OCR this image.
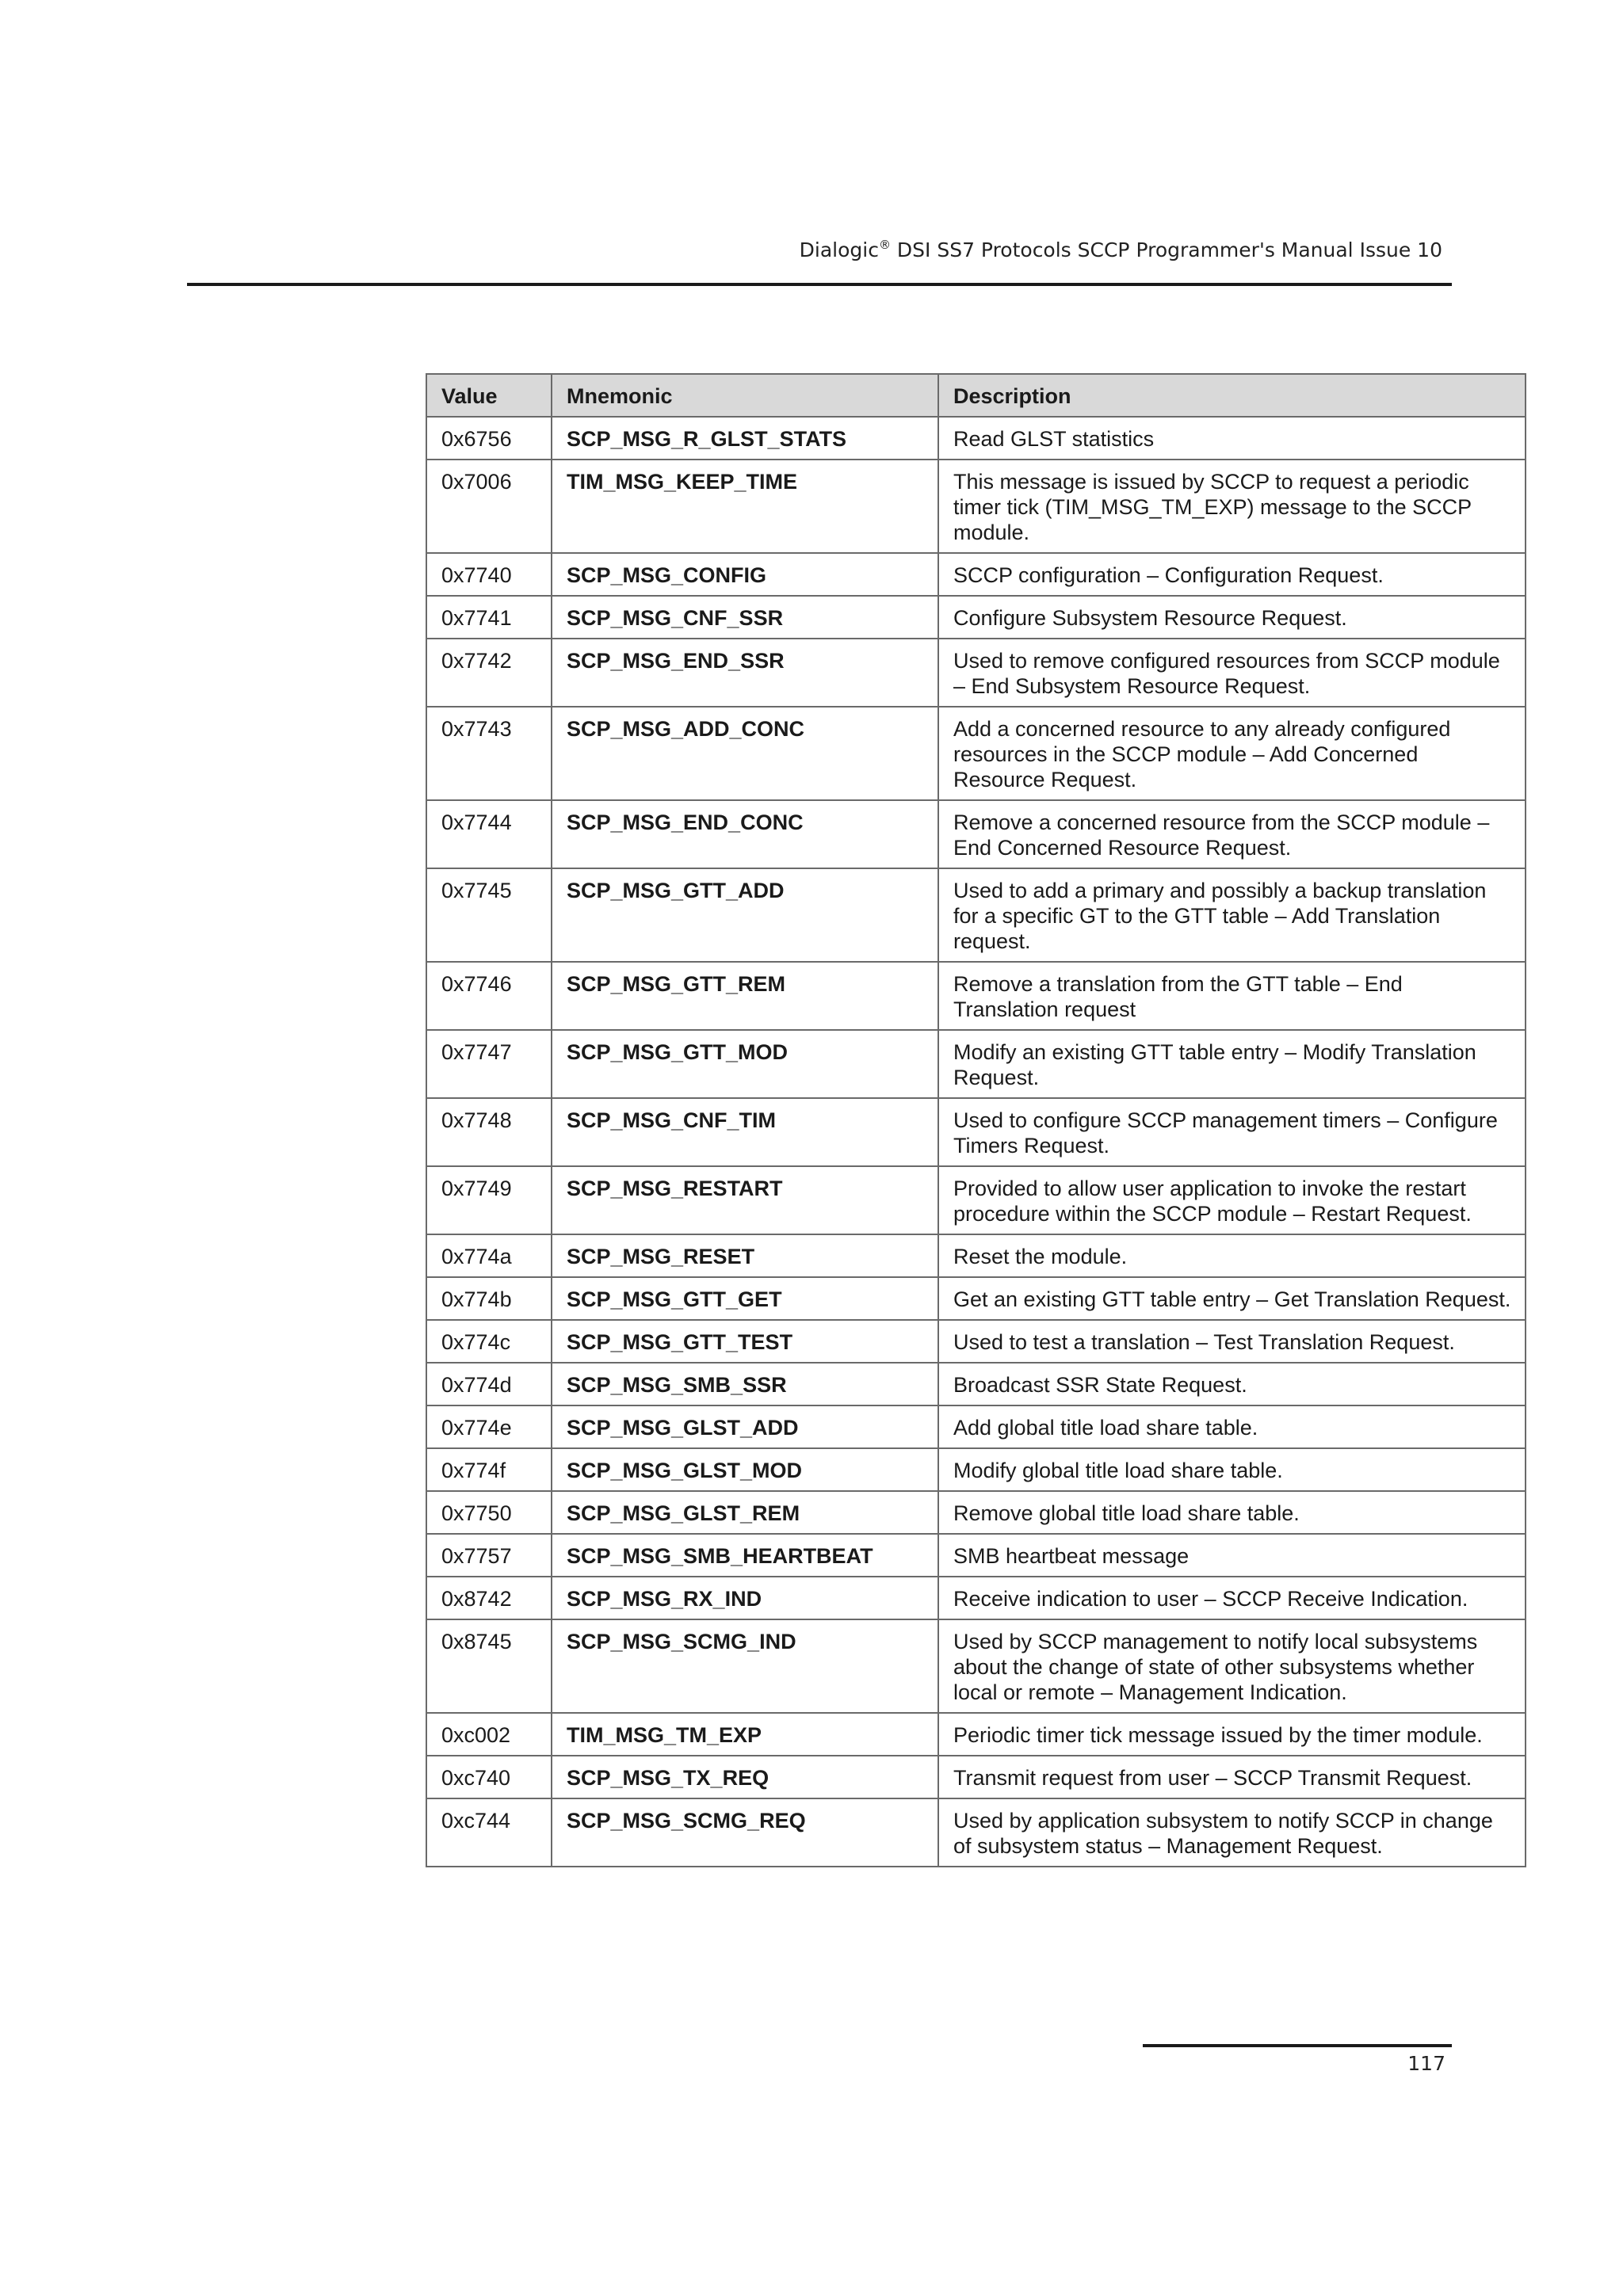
Dialogic® DSI SS7 Protocols SCCP Programmer's Manual Issue 10
Value	Mnemonic	Description
0x6756	SCP_MSG_R_GLST_STATS	Read GLST statistics
0x7006	TIM_MSG_KEEP_TIME	This message is issued by SCCP to request a periodic timer tick (TIM_MSG_TM_EXP) message to the SCCP module.
0x7740	SCP_MSG_CONFIG	SCCP configuration – Configuration Request.
0x7741	SCP_MSG_CNF_SSR	Configure Subsystem Resource Request.
0x7742	SCP_MSG_END_SSR	Used to remove configured resources from SCCP module – End Subsystem Resource Request.
0x7743	SCP_MSG_ADD_CONC	Add a concerned resource to any already configured resources in the SCCP module – Add Concerned Resource Request.
0x7744	SCP_MSG_END_CONC	Remove a concerned resource from the SCCP module – End Concerned Resource Request.
0x7745	SCP_MSG_GTT_ADD	Used to add a primary and possibly a backup translation for a specific GT to the GTT table – Add Translation request.
0x7746	SCP_MSG_GTT_REM	Remove a translation from the GTT table – End Translation request
0x7747	SCP_MSG_GTT_MOD	Modify an existing GTT table entry – Modify Translation Request.
0x7748	SCP_MSG_CNF_TIM	Used to configure SCCP management timers – Configure Timers Request.
0x7749	SCP_MSG_RESTART	Provided to allow user application to invoke the restart procedure within the SCCP module – Restart Request.
0x774a	SCP_MSG_RESET	Reset the module.
0x774b	SCP_MSG_GTT_GET	Get an existing GTT table entry – Get Translation Request.
0x774c	SCP_MSG_GTT_TEST	Used to test a translation – Test Translation Request.
0x774d	SCP_MSG_SMB_SSR	Broadcast SSR State Request.
0x774e	SCP_MSG_GLST_ADD	Add global title load share table.
0x774f	SCP_MSG_GLST_MOD	Modify global title load share table.
0x7750	SCP_MSG_GLST_REM	Remove global title load share table.
0x7757	SCP_MSG_SMB_HEARTBEAT	SMB heartbeat message
0x8742	SCP_MSG_RX_IND	Receive indication to user – SCCP Receive Indication.
0x8745	SCP_MSG_SCMG_IND	Used by SCCP management to notify local subsystems about the change of state of other subsystems whether local or remote – Management Indication.
0xc002	TIM_MSG_TM_EXP	Periodic timer tick message issued by the timer module.
0xc740	SCP_MSG_TX_REQ	Transmit request from user – SCCP Transmit Request.
0xc744	SCP_MSG_SCMG_REQ	Used by application subsystem to notify SCCP in change of subsystem status – Management Request.
117
